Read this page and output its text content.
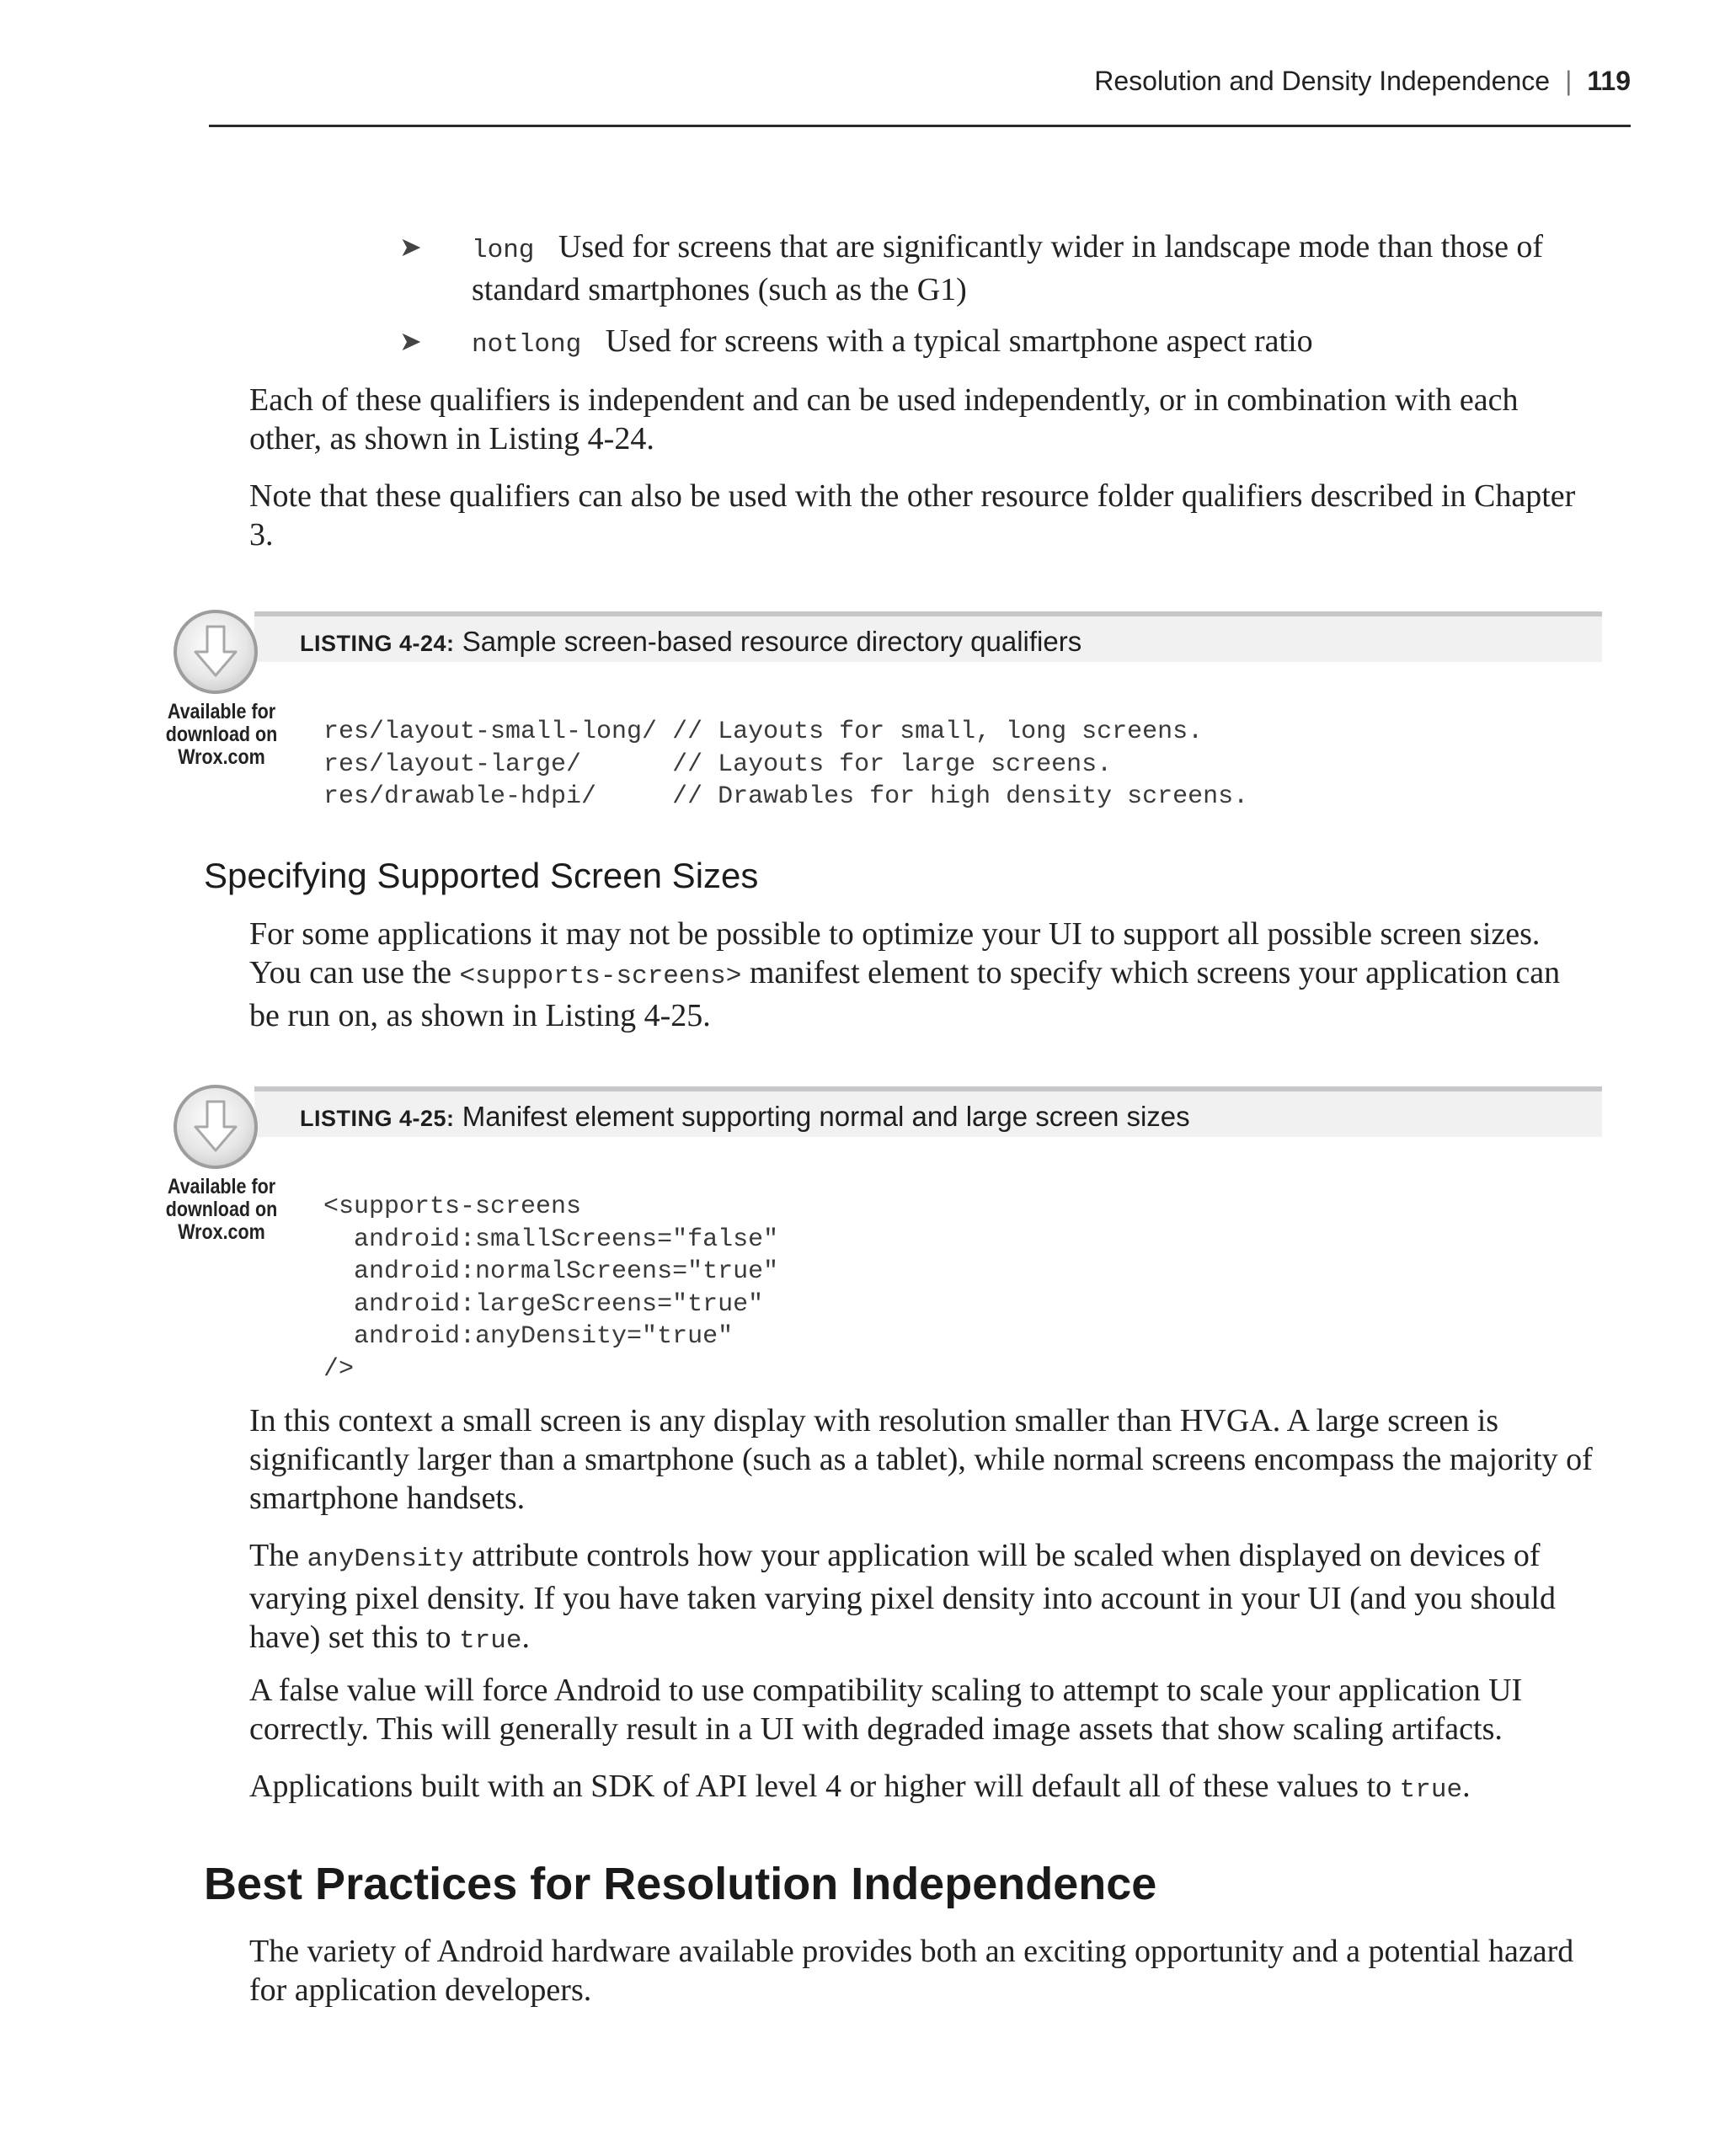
Resolution and Density Independence | 119
➤ long Used for screens that are significantly wider in landscape mode than those of standard smartphones (such as the G1)
➤ notlong Used for screens with a typical smartphone aspect ratio
Each of these qualifiers is independent and can be used independently, or in combination with each other, as shown in Listing 4-24.
Note that these qualifiers can also be used with the other resource folder qualifiers described in Chapter 3.
LISTING 4-24: Sample screen-based resource directory qualifiers
Available for download on Wrox.com
res/layout-small-long/ // Layouts for small, long screens.
res/layout-large/      // Layouts for large screens.
res/drawable-hdpi/     // Drawables for high density screens.
Specifying Supported Screen Sizes
For some applications it may not be possible to optimize your UI to support all possible screen sizes. You can use the <supports-screens> manifest element to specify which screens your application can be run on, as shown in Listing 4-25.
LISTING 4-25: Manifest element supporting normal and large screen sizes
Available for download on Wrox.com
<supports-screens
android:smallScreens="false"
android:normalScreens="true"
android:largeScreens="true"
android:anyDensity="true"
/>
In this context a small screen is any display with resolution smaller than HVGA. A large screen is significantly larger than a smartphone (such as a tablet), while normal screens encompass the majority of smartphone handsets.
The anyDensity attribute controls how your application will be scaled when displayed on devices of varying pixel density. If you have taken varying pixel density into account in your UI (and you should have) set this to true.
A false value will force Android to use compatibility scaling to attempt to scale your application UI correctly. This will generally result in a UI with degraded image assets that show scaling artifacts.
Applications built with an SDK of API level 4 or higher will default all of these values to true.
Best Practices for Resolution Independence
The variety of Android hardware available provides both an exciting opportunity and a potential hazard for application developers.
